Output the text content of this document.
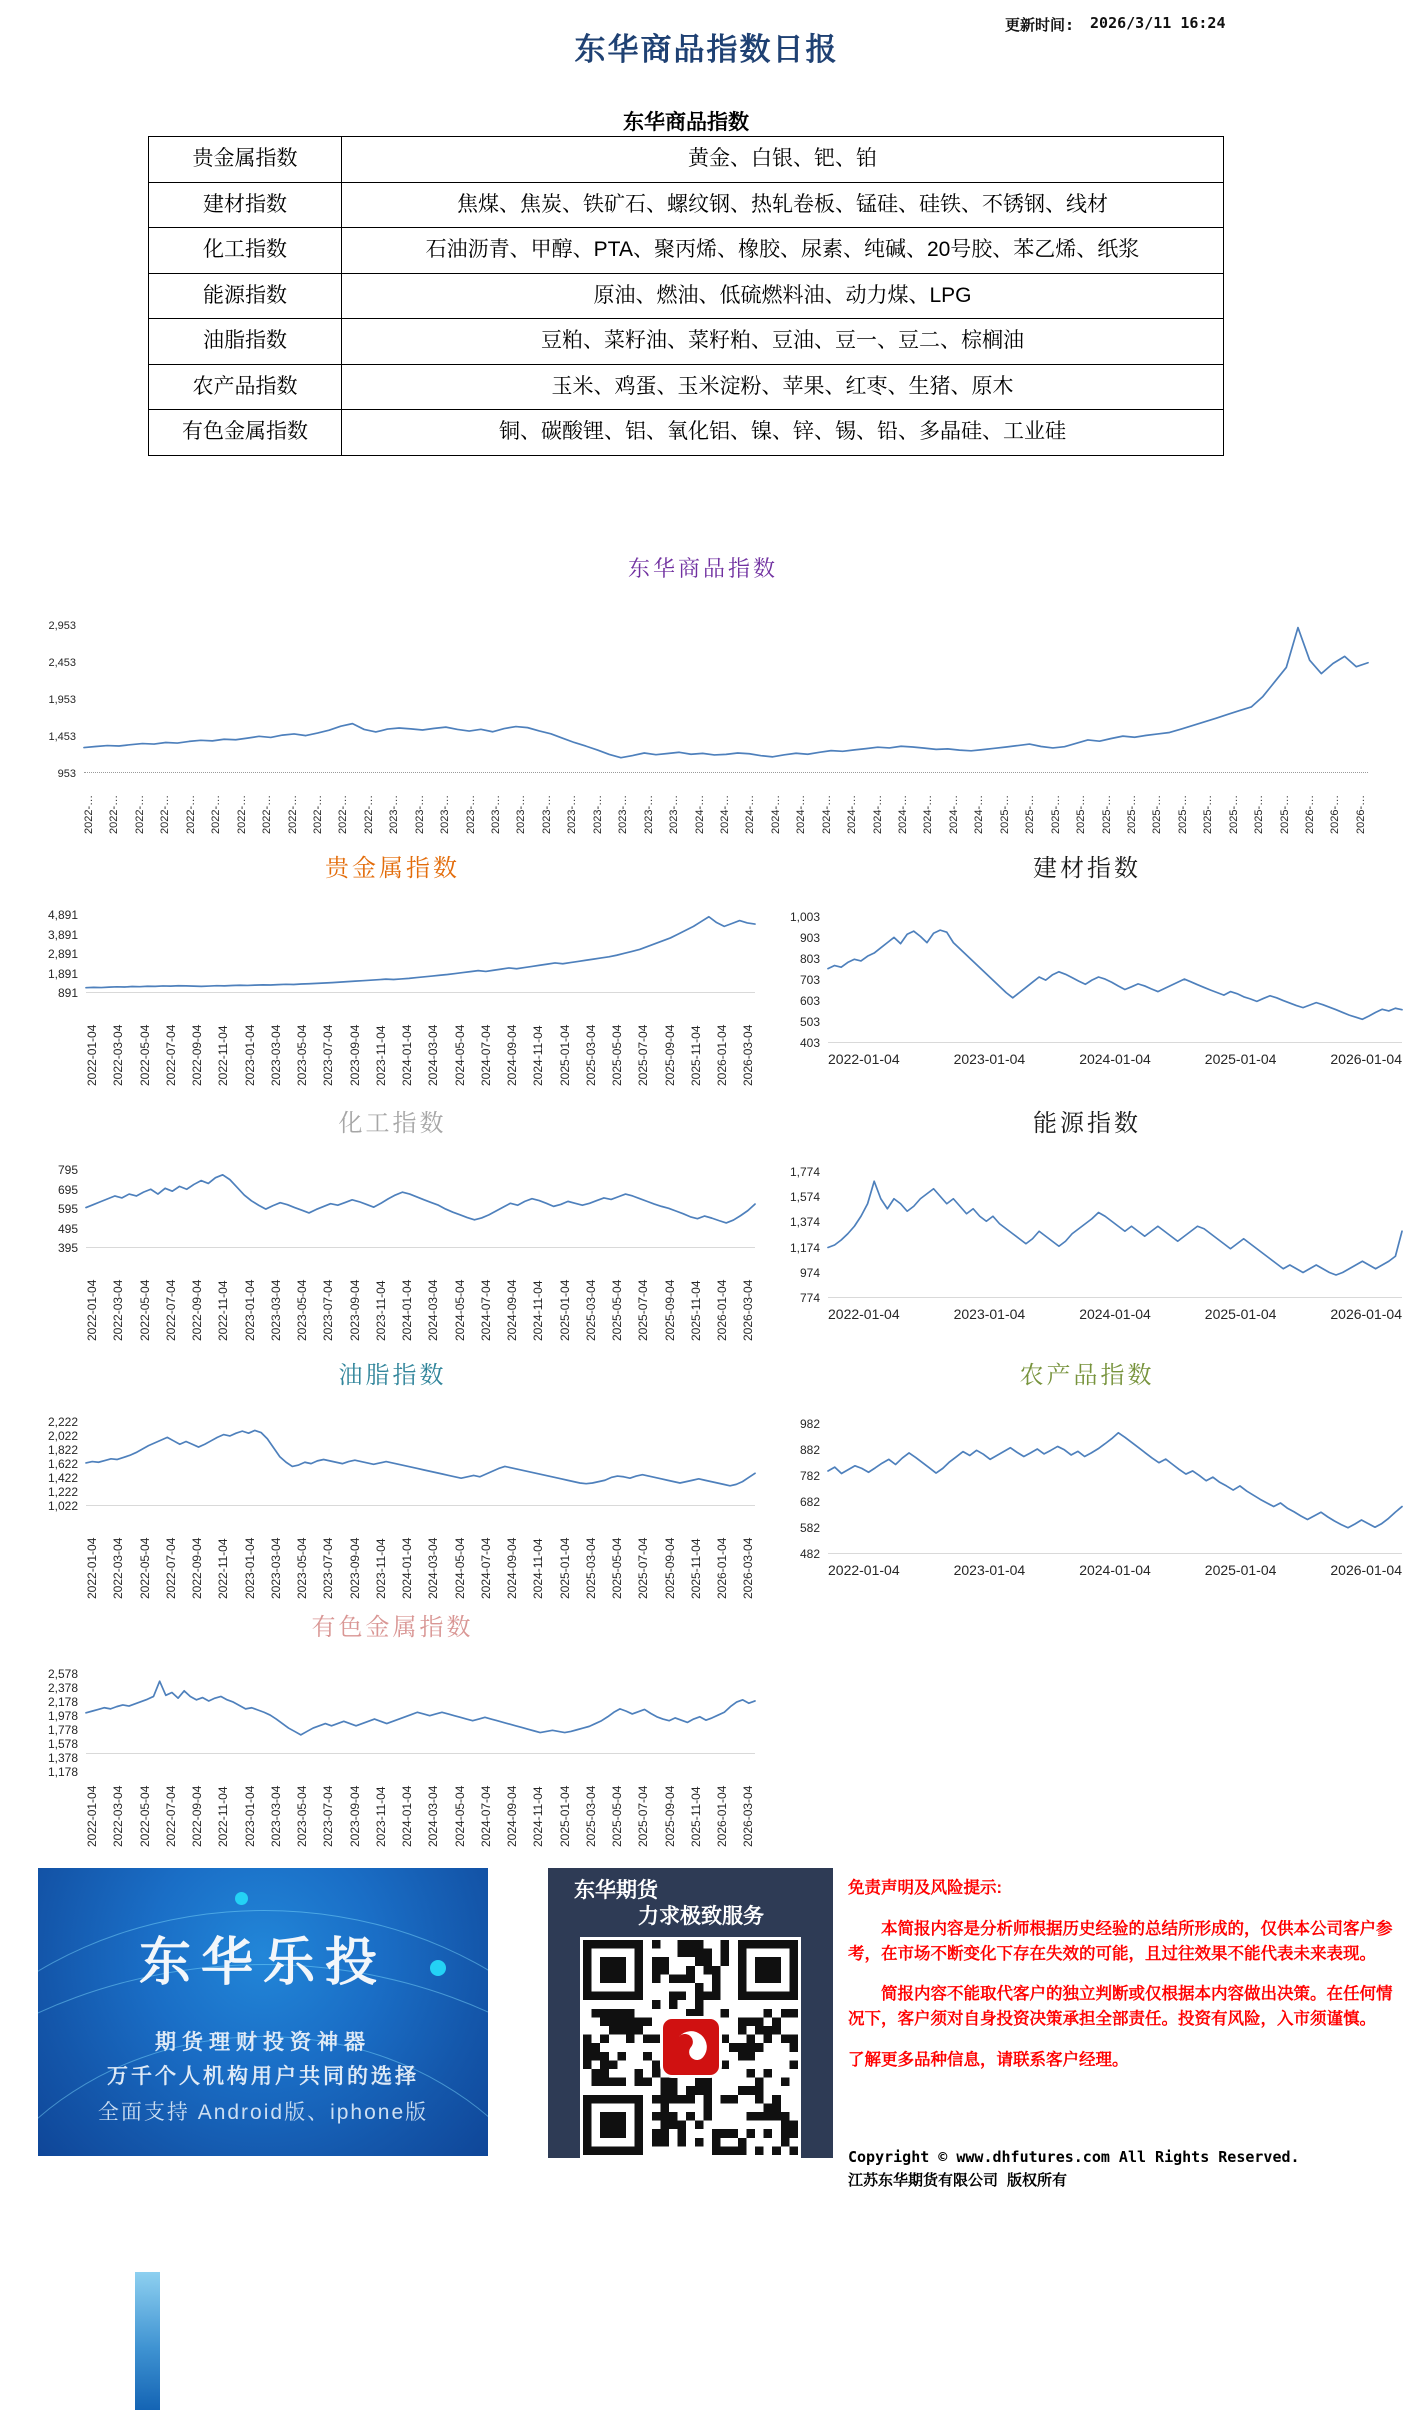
东华商品指数日报
更新时间: 2026/3/11 16:24
东华商品指数
贵金属指数	黄金、白银、钯、铂
建材指数	焦煤、焦炭、铁矿石、螺纹钢、热轧卷板、锰硅、硅铁、不锈钢、线材
化工指数	石油沥青、甲醇、PTA、聚丙烯、橡胶、尿素、纯碱、20号胶、苯乙烯、纸浆
能源指数	原油、燃油、低硫燃料油、动力煤、LPG
油脂指数	豆粕、菜籽油、菜籽粕、豆油、豆一、豆二、棕榈油
农产品指数	玉米、鸡蛋、玉米淀粉、苹果、红枣、生猪、原木
有色金属指数	铜、碳酸锂、铝、氧化铝、镍、锌、锡、铅、多晶硅、工业硅
东华商品指数
2,953
2,453
1,953
1,453
953
2022-… 2022-… 2022-… 2022-… 2022-… 2022-… 2022-… 2022-… 2022-… 2022-… 2022-… 2022-… 2023-… 2023-… 2023-… 2023-… 2023-… 2023-… 2023-… 2023-… 2023-… 2023-… 2023-… 2023-… 2024-… 2024-… 2024-… 2024-… 2024-… 2024-… 2024-… 2024-… 2024-… 2024-… 2024-… 2024-… 2025-… 2025-… 2025-… 2025-… 2025-… 2025-… 2025-… 2025-… 2025-… 2025-… 2025-… 2025-… 2026-… 2026-… 2026-…
贵金属指数
4,891
3,891
2,891
1,891
891
2022-01-04 2022-03-04 2022-05-04 2022-07-04 2022-09-04 2022-11-04 2023-01-04 2023-03-04 2023-05-04 2023-07-04 2023-09-04 2023-11-04 2024-01-04 2024-03-04 2024-05-04 2024-07-04 2024-09-04 2024-11-04 2025-01-04 2025-03-04 2025-05-04 2025-07-04 2025-09-04 2025-11-04 2026-01-04 2026-03-04
建材指数
1,003
903
803
703
603
503
403
2022-01-04	2023-01-04	2024-01-04	2025-01-04	2026-01-04
化工指数
795
695
595
495
395
2022-01-04 2022-03-04 2022-05-04 2022-07-04 2022-09-04 2022-11-04 2023-01-04 2023-03-04 2023-05-04 2023-07-04 2023-09-04 2023-11-04 2024-01-04 2024-03-04 2024-05-04 2024-07-04 2024-09-04 2024-11-04 2025-01-04 2025-03-04 2025-05-04 2025-07-04 2025-09-04 2025-11-04 2026-01-04 2026-03-04
能源指数
1,774
1,574
1,374
1,174
974
774
2022-01-04	2023-01-04	2024-01-04	2025-01-04	2026-01-04
油脂指数
2,222
2,022
1,822
1,622
1,422
1,222
1,022
2022-01-04 2022-03-04 2022-05-04 2022-07-04 2022-09-04 2022-11-04 2023-01-04 2023-03-04 2023-05-04 2023-07-04 2023-09-04 2023-11-04 2024-01-04 2024-03-04 2024-05-04 2024-07-04 2024-09-04 2024-11-04 2025-01-04 2025-03-04 2025-05-04 2025-07-04 2025-09-04 2025-11-04 2026-01-04 2026-03-04
农产品指数
982
882
782
682
582
482
2022-01-04	2023-01-04	2024-01-04	2025-01-04	2026-01-04
有色金属指数
2,578
2,378
2,178
1,978
1,778
1,578
1,378
1,178
2022-01-04 2022-03-04 2022-05-04 2022-07-04 2022-09-04 2022-11-04 2023-01-04 2023-03-04 2023-05-04 2023-07-04 2023-09-04 2023-11-04 2024-01-04 2024-03-04 2024-05-04 2024-07-04 2024-09-04 2024-11-04 2025-01-04 2025-03-04 2025-05-04 2025-07-04 2025-09-04 2025-11-04 2026-01-04 2026-03-04
东华乐投
期货理财投资神器
万千个人机构用户共同的选择
全面支持 Android版、iphone版
东华期货
力求极致服务
免注册下载使用
享受期货交易乐趣

免责声明及风险提示:

本简报内容是分析师根据历史经验的总结所形成的，仅供本公司客户参考，在市场不断变化下存在失效的可能，且过往效果不能代表未来表现。

简报内容不能取代客户的独立判断或仅根据本内容做出决策。在任何情况下，客户须对自身投资决策承担全部责任。投资有风险，入市须谨慎。

了解更多品种信息，请联系客户经理。

Copyright © www.dhfutures.com All Rights Reserved.
江苏东华期货有限公司 版权所有
